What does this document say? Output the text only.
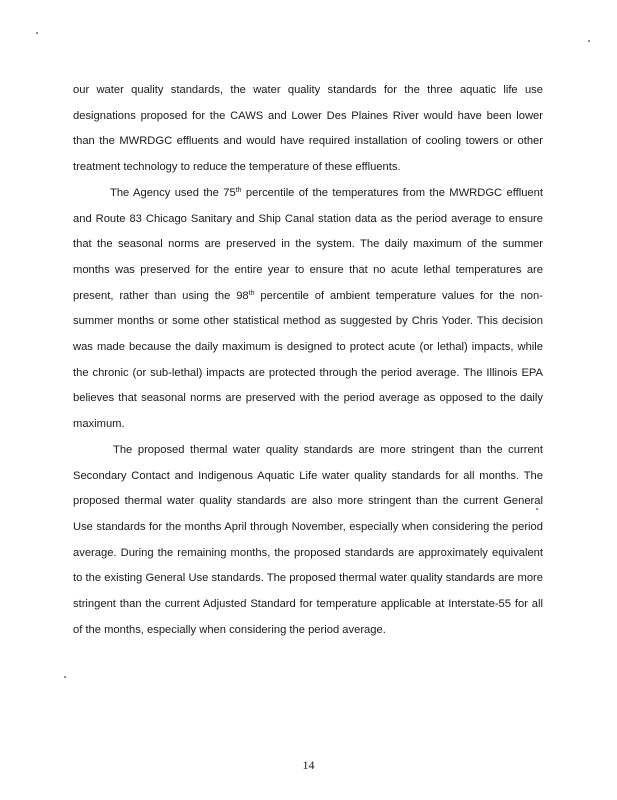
our water quality standards, the water quality standards for the three aquatic life use designations proposed for the CAWS and Lower Des Plaines River would have been lower than the MWRDGC effluents and would have required installation of cooling towers or other treatment technology to reduce the temperature of these effluents.

The Agency used the 75th percentile of the temperatures from the MWRDGC effluent and Route 83 Chicago Sanitary and Ship Canal station data as the period average to ensure that the seasonal norms are preserved in the system. The daily maximum of the summer months was preserved for the entire year to ensure that no acute lethal temperatures are present, rather than using the 98th percentile of ambient temperature values for the non-summer months or some other statistical method as suggested by Chris Yoder. This decision was made because the daily maximum is designed to protect acute (or lethal) impacts, while the chronic (or sub-lethal) impacts are protected through the period average. The Illinois EPA believes that seasonal norms are preserved with the period average as opposed to the daily maximum.

The proposed thermal water quality standards are more stringent than the current Secondary Contact and Indigenous Aquatic Life water quality standards for all months. The proposed thermal water quality standards are also more stringent than the current General Use standards for the months April through November, especially when considering the period average. During the remaining months, the proposed standards are approximately equivalent to the existing General Use standards. The proposed thermal water quality standards are more stringent than the current Adjusted Standard for temperature applicable at Interstate-55 for all of the months, especially when considering the period average.

14
